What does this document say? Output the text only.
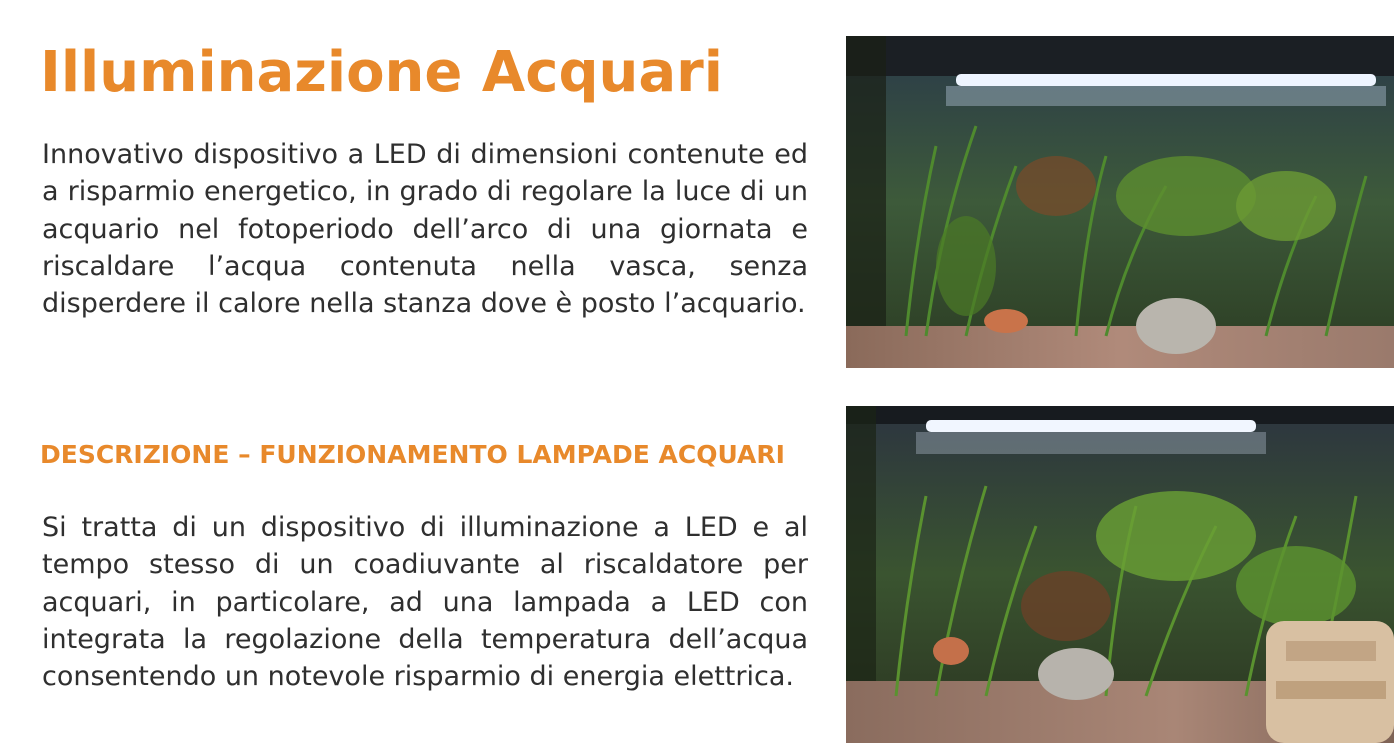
Illuminazione Acquari

Innovativo dispositivo a LED di dimensioni contenute ed a risparmio energetico, in grado di regolare la luce di un acquario nel fotoperiodo dell’arco di una giornata e riscaldare l’acqua contenuta nella vasca, senza disperdere il calore nella stanza dove è posto l’acquario.

DESCRIZIONE – FUNZIONAMENTO LAMPADE ACQUARI

Si tratta di un dispositivo di illuminazione a LED e al tempo stesso di un coadiuvante al riscaldatore per acquari, in particolare, ad una lampada a LED con integrata la regolazione della temperatura dell’acqua consentendo un notevole risparmio di energia elettrica.
